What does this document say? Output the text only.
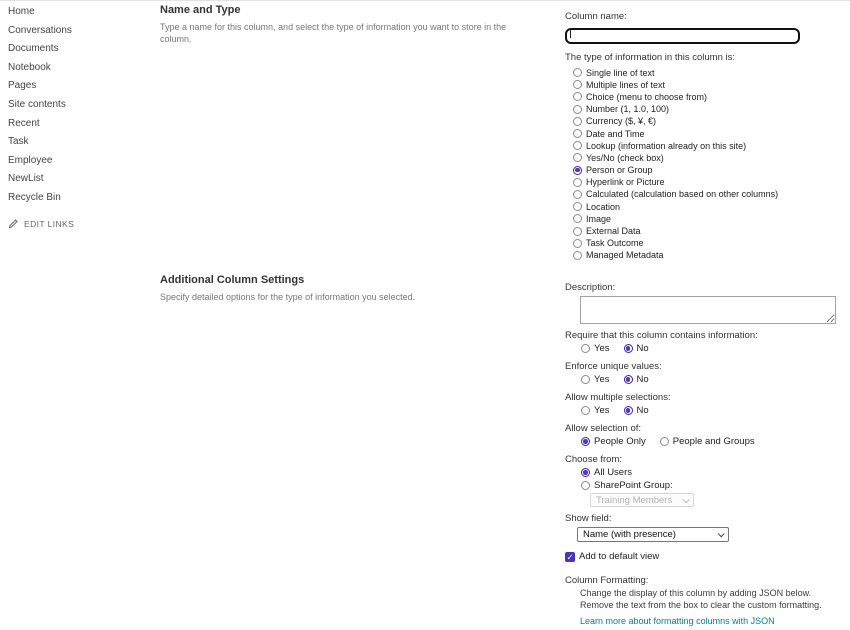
Home
Conversations
Documents
Notebook
Pages
Site contents
Recent
Task
Employee
NewList
Recycle Bin
EDIT LINKS
Name and Type

Type a name for this column, and select the type of information you want to store in the column.

Column name:
The type of information in this column is:
Single line of text
Multiple lines of text
Choice (menu to choose from)
Number (1, 1.0, 100)
Currency ($, ¥, €)
Date and Time
Lookup (information already on this site)
Yes/No (check box)
Person or Group
Hyperlink or Picture
Calculated (calculation based on other columns)
Location
Image
External Data
Task Outcome
Managed Metadata
Additional Column Settings

Specify detailed options for the type of information you selected.

Description:
Require that this column contains information:
Yes	No
Enforce unique values:
Yes	No
Allow multiple selections:
Yes	No
Allow selection of:
People Only	People and Groups
Choose from:
All Users
SharePoint Group:
Training Members
Show field:
Name (with presence)
✓
Add to default view
Column Formatting:
Change the display of this column by adding JSON below.
Remove the text from the box to clear the custom formatting.
Learn more about formatting columns with JSON
